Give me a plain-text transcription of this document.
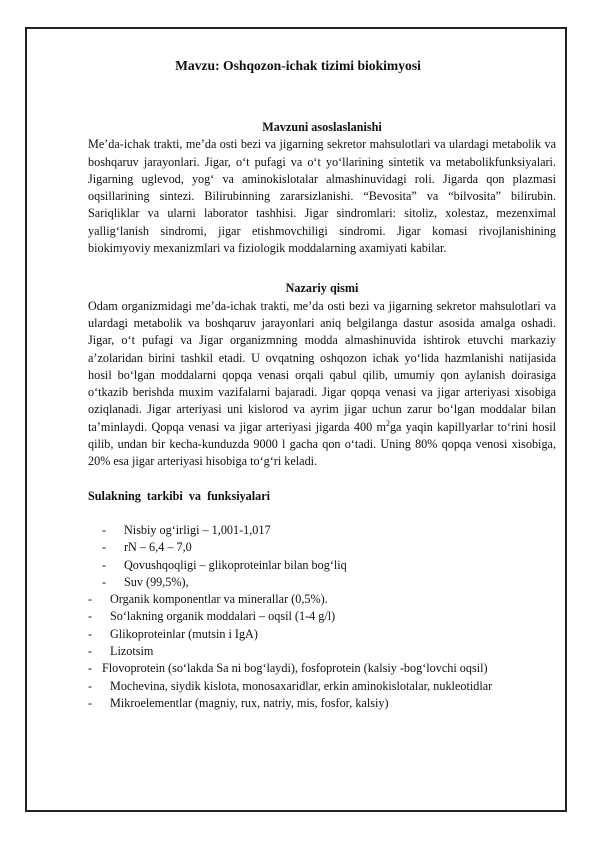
Mavzu: Oshqozon-ichak tizimi biokimyosi

Mavzuni asoslaslanishi

Me’da-ichak trakti, me’da osti bezi va jigarning sekretor mahsulotlari va ulardagi metabolik va boshqaruv jarayonlari. Jigar, o‘t pufagi va o‘t yo‘llarining sintetik va metabolikfunksiyalari. Jigarning uglevod, yog‘ va aminokislotalar almashinuvidagi roli. Jigarda qon plazmasi oqsillarining sintezi. Bilirubinning zararsizlanishi. “Bevosita” va “bilvosita” bilirubin. Sariqliklar va ularni laborator tashhisi. Jigar sindromlari: sitoliz, xolestaz, mezenximal yallig‘lanish sindromi, jigar etishmovchiligi sindromi. Jigar komasi rivojlanishining biokimyoviy mexanizmlari va fiziologik moddalarning axamiyati kabilar.

Nazariy qismi

Odam organizmidagi me’da-ichak trakti, me’da osti bezi va jigarning sekretor mahsulotlari va ulardagi metabolik va boshqaruv jarayonlari aniq belgilanga dastur asosida amalga oshadi. Jigar, o‘t pufagi va Jigar organizmning modda almashinuvida ishtirok etuvchi markaziy a’zolaridan birini tashkil etadi. U ovqatning oshqozon ichak yo‘lida hazmlanishi natijasida hosil bo‘lgan moddalarni qopqa venasi orqali qabul qilib, umumiy qon aylanish doirasiga o‘tkazib berishda muxim vazifalarni bajaradi. Jigar qopqa venasi va jigar arteriyasi xisobiga oziqlanadi. Jigar arteriyasi uni kislorod va ayrim jigar uchun zarur bo‘lgan moddalar bilan ta’minlaydi. Qopqa venasi va jigar arteriyasi jigarda 400 $m^2ga$ yaqin kapillyarlar to‘rini hosil qilib, undan bir kecha-kunduzda 9000 l gacha qon o‘tadi. Uning 80% qopqa venosi xisobiga, 20% esa jigar arteriyasi hisobiga to‘g‘ri keladi.

Sulakning tarkibi va funksiyalari

- Nisbiy og‘irligi – 1,001-1,017
- rN – 6,4 – 7,0
- Qovushqoqligi – glikoproteinlar bilan bog‘liq
- Suv (99,5%),
- Organik komponentlar va minerallar (0,5%).
- So‘lakning organik moddalari – oqsil (1-4 g/l)
- Glikoproteinlar (mutsin i IgA)
- Lizotsim
- Flovoprotein (so‘lakda Sa ni bog‘laydi), fosfoprotein (kalsiy -bog‘lovchi oqsil)
- Mochevina, siydik kislota, monosaxaridlar, erkin aminokislotalar, nukleotidlar
- Mikroelementlar (magniy, rux, natriy, mis, fosfor, kalsiy)
